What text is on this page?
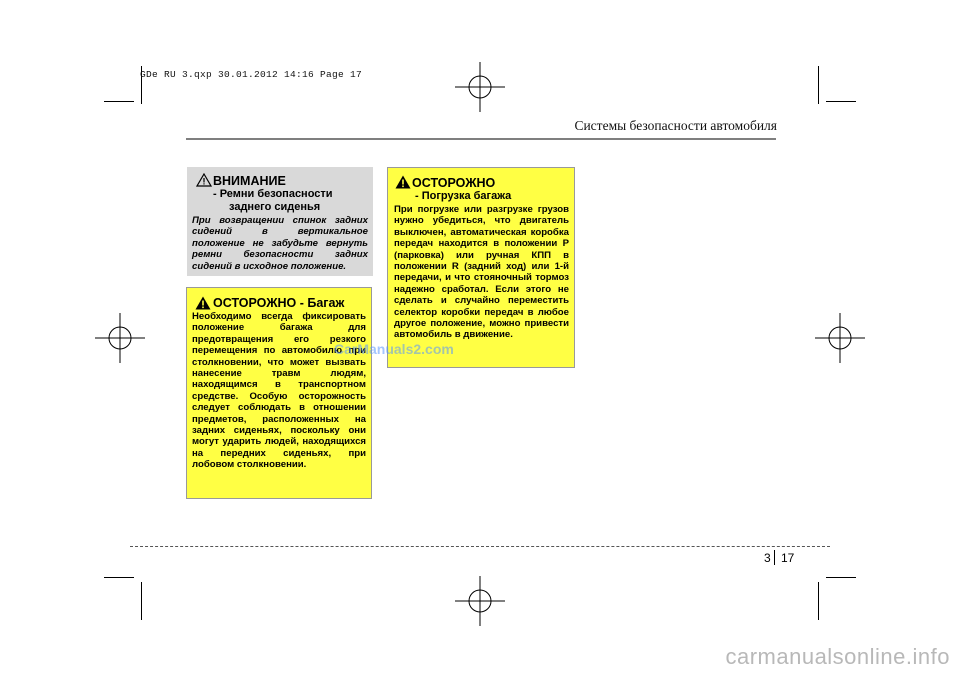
GDe RU 3.qxp 30.01.2012 14:16 Page 17
Системы безопасности автомобиля
ВНИМАНИЕ
- Ремни безопасности
заднего сиденья
При возвращении спинок задних сидений в вертикальное положение не забудьте вернуть ремни безопасности задних сидений в исходное положение.
ОСТОРОЖНО - Багаж
Необходимо всегда фиксировать положение багажа для предотвращения его резкого перемещения по автомобилю при столкновении, что может вызвать нанесение травм людям, находящимся в транспортном средстве. Особую осторожность следует соблюдать в отношении предметов, расположенных на задних сиденьях, поскольку они могут ударить людей, находящихся на передних сиденьях, при лобовом столкновении.
ОСТОРОЖНО
- Погрузка багажа
При погрузке или разгрузке грузов нужно убедиться, что двигатель выключен, автоматическая коробка передач находится в положении P (парковка) или ручная КПП в положении R (задний ход) или 1-й передачи, и что стояночный тормоз надежно сработал. Если этого не сделать и случайно переместить селектор коробки передач в любое другое положение, можно привести автомобиль в движение.
CarManuals2.com
3 17
carmanualsonline.info
